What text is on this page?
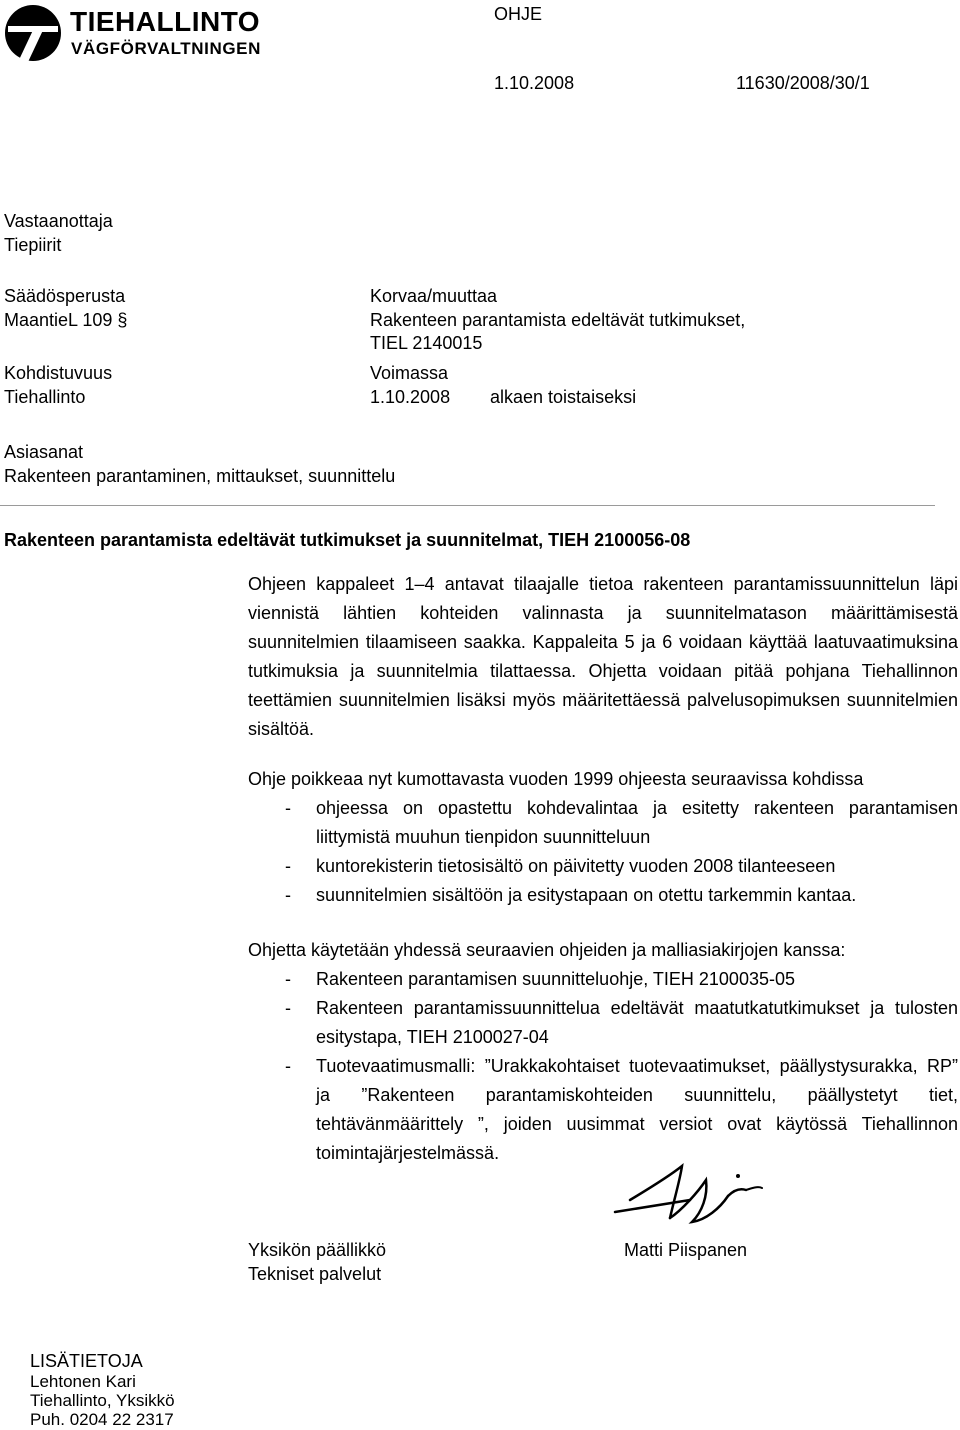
TIEHALLINTO
VÄGFÖRVALTNINGEN
OHJE
1.10.2008	11630/2008/30/1
Vastaanottaja
Tiepiirit
Säädösperusta
MaantieL 109 §
Korvaa/muuttaa
Rakenteen parantamista edeltävät tutkimukset,
TIEL 2140015
Kohdistuvuus
Tiehallinto
Voimassa
1.10.2008 alkaen toistaiseksi
Asiasanat
Rakenteen parantaminen, mittaukset, suunnittelu
Rakenteen parantamista edeltävät tutkimukset ja suunnitelmat, TIEH 2100056-08

Ohjeen kappaleet 1–4 antavat tilaajalle tietoa rakenteen parantamissuunnittelun läpi viennistä lähtien kohteiden valinnasta ja suunnitelmatason määrittämisestä suunnitelmien tilaamiseen saakka. Kappaleita 5 ja 6 voidaan käyttää laatuvaatimuksina tutkimuksia ja suunnitelmia tilattaessa. Ohjetta voidaan pitää pohjana Tiehallinnon teettämien suunnitelmien lisäksi myös määritettäessä palvelusopimuksen suunnitelmien sisältöä.

Ohje poikkeaa nyt kumottavasta vuoden 1999 ohjeesta seuraavissa kohdissa

- ohjeessa on opastettu kohdevalintaa ja esitetty rakenteen parantamisen liittymistä muuhun tienpidon suunnitteluun
- kuntorekisterin tietosisältö on päivitetty vuoden 2008 tilanteeseen
- suunnitelmien sisältöön ja esitystapaan on otettu tarkemmin kantaa.

Ohjetta käytetään yhdessä seuraavien ohjeiden ja malliasiakirjojen kanssa:

- Rakenteen parantamisen suunnitteluohje, TIEH 2100035-05
- Rakenteen parantamissuunnittelua edeltävät maatutkatutkimukset ja tulosten esitystapa, TIEH 2100027-04
- Tuotevaatimusmalli: ”Urakkakohtaiset tuotevaatimukset, päällystysurakka, RP” ja ”Rakenteen parantamiskohteiden suunnittelu, päällystetyt tiet, tehtävänmäärittely ”, joiden uusimmat versiot ovat käytössä Tiehallinnon toimintajärjestelmässä.
Yksikön päällikkö
Tekniset palvelut
Matti Piispanen
LISÄTIETOJA
Lehtonen Kari
Tiehallinto, Yksikkö
Puh. 0204 22 2317
